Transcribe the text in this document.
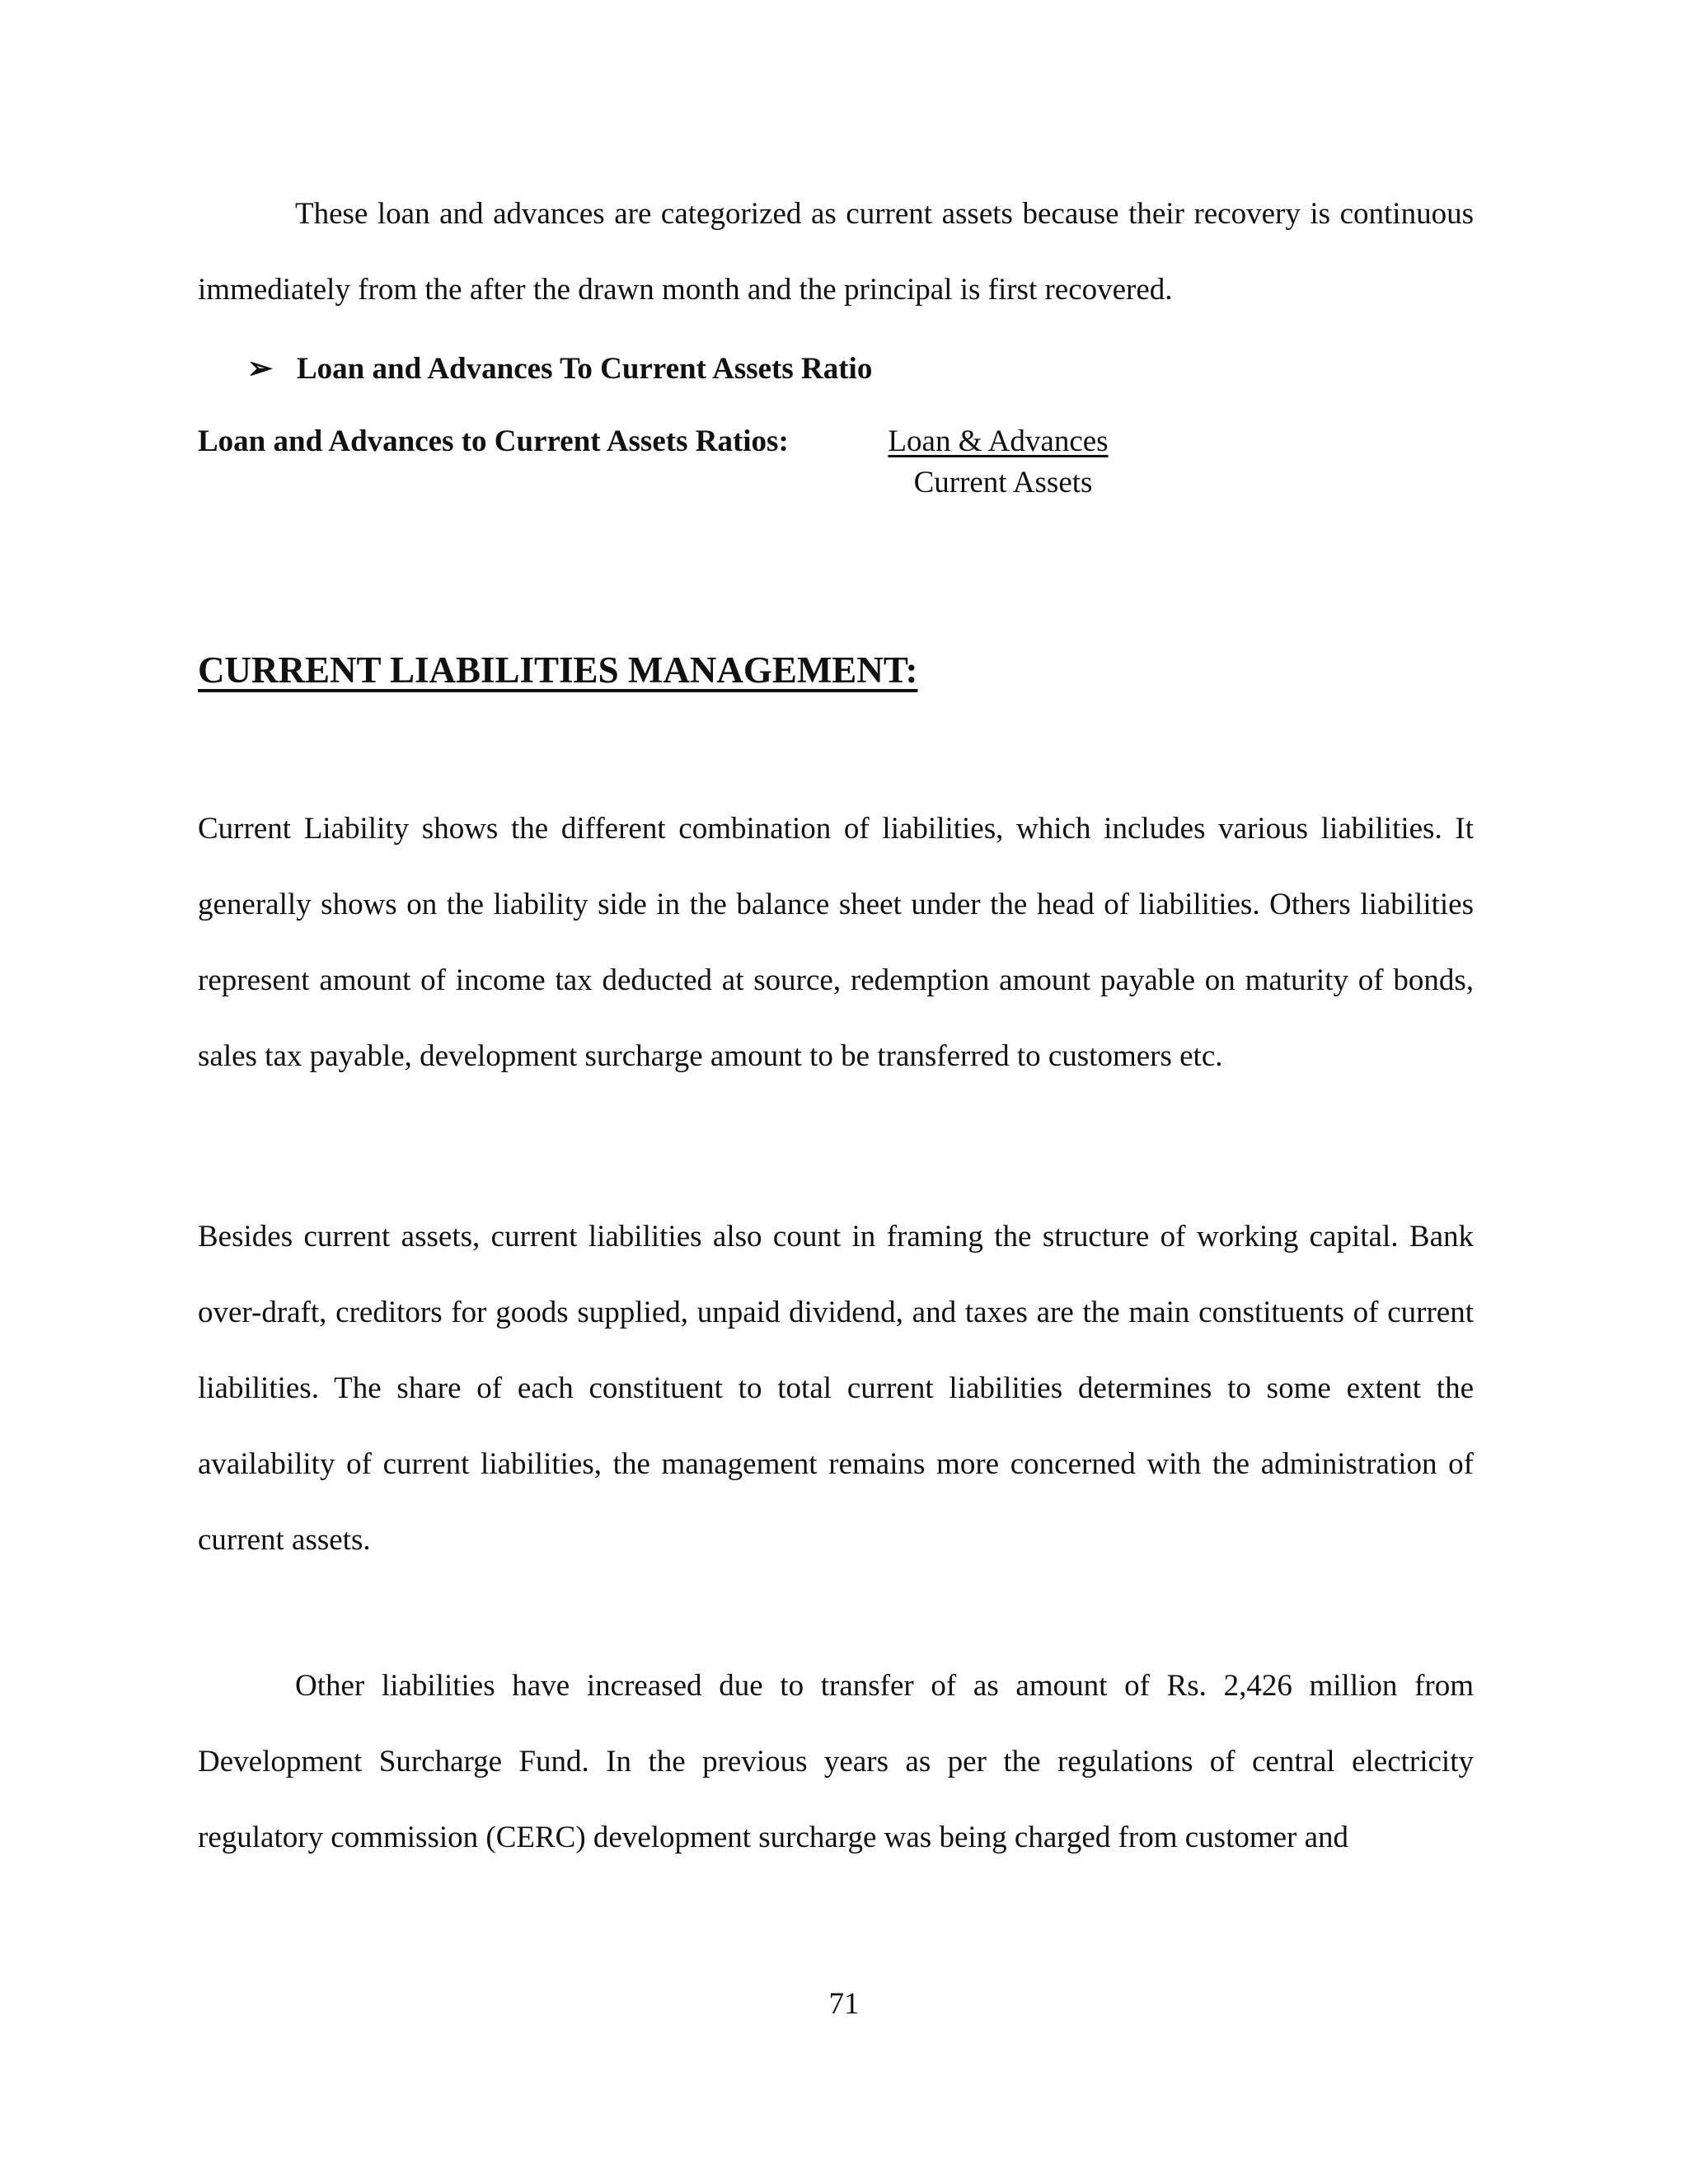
These loan and advances are categorized as current assets because their recovery is continuous immediately from the after the drawn month and the principal is first recovered.

➢ Loan and Advances To Current Assets Ratio
Loan and Advances to Current Assets Ratios:	Loan & Advances
Current Assets
CURRENT LIABILITIES MANAGEMENT:

Current Liability shows the different combination of liabilities, which includes various liabilities. It generally shows on the liability side in the balance sheet under the head of liabilities. Others liabilities represent amount of income tax deducted at source, redemption amount payable on maturity of bonds, sales tax payable, development surcharge amount to be transferred to customers etc.

Besides current assets, current liabilities also count in framing the structure of working capital. Bank over-draft, creditors for goods supplied, unpaid dividend, and taxes are the main constituents of current liabilities. The share of each constituent to total current liabilities determines to some extent the availability of current liabilities, the management remains more concerned with the administration of current assets.

Other liabilities have increased due to transfer of as amount of Rs. 2,426 million from Development Surcharge Fund. In the previous years as per the regulations of central electricity regulatory commission (CERC) development surcharge was being charged from customer and

71
